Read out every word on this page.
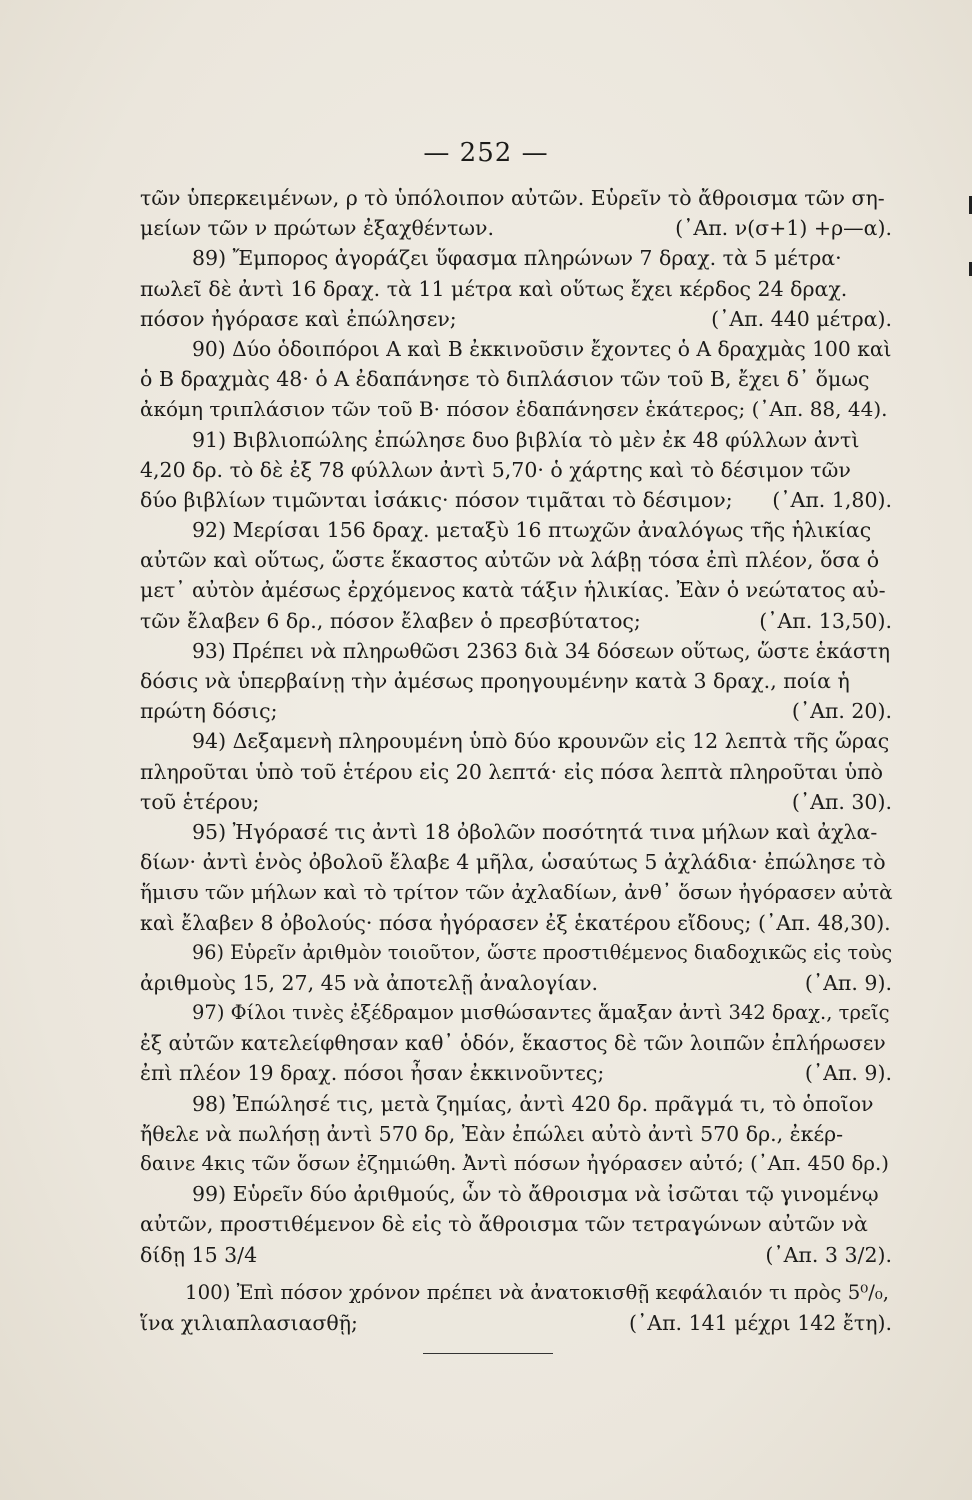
— 252 —
τῶν ὑπερκειμένων, ρ τὸ ὑπόλοιπον αὐτῶν. Εὑρεῖν τὸ ἄθροισμα τῶν ση-
μείων τῶν ν πρώτων ἐξαχθέντων.	(᾿Απ. ν(σ+1) +ρ—α).
89) Ἔμπορος ἀγοράζει ὕφασμα πληρώνων 7 δραχ. τὰ 5 μέτρα·
πωλεῖ δὲ ἀντὶ 16 δραχ. τὰ 11 μέτρα καὶ οὕτως ἔχει κέρδος 24 δραχ.
πόσον ἠγόρασε καὶ ἐπώλησεν;	(᾿Απ. 440 μέτρα).
90) Δύο ὁδοιπόροι Α καὶ Β ἐκκινοῦσιν ἔχοντες ὁ Α δραχμὰς 100 καὶ
ὁ Β δραχμὰς 48· ὁ Α ἐδαπάνησε τὸ διπλάσιον τῶν τοῦ Β, ἔχει δ᾿ ὅμως
ἀκόμη τριπλάσιον τῶν τοῦ Β· πόσον ἐδαπάνησεν ἑκάτερος; (᾿Απ. 88, 44).
91) Βιβλιοπώλης ἐπώλησε δυο βιβλία τὸ μὲν ἐκ 48 φύλλων ἀντὶ
4,20 δρ. τὸ δὲ ἐξ 78 φύλλων ἀντὶ 5,70· ὁ χάρτης καὶ τὸ δέσιμον τῶν
δύο βιβλίων τιμῶνται ἰσάκις· πόσον τιμᾶται τὸ δέσιμον; (᾿Απ. 1,80).
92) Μερίσαι 156 δραχ. μεταξὺ 16 πτωχῶν ἀναλόγως τῆς ἡλικίας
αὐτῶν καὶ οὕτως, ὥστε ἕκαστος αὐτῶν νὰ λάβῃ τόσα ἐπὶ πλέον, ὅσα ὁ
μετ᾿ αὐτὸν ἀμέσως ἐρχόμενος κατὰ τάξιν ἡλικίας. Ἐὰν ὁ νεώτατος αὐ-
τῶν ἔλαβεν 6 δρ., πόσον ἔλαβεν ὁ πρεσβύτατος;	(᾿Απ. 13,50).
93) Πρέπει νὰ πληρωθῶσι 2363 διὰ 34 δόσεων οὕτως, ὥστε ἑκάστη
δόσις νὰ ὑπερβαίνῃ τὴν ἀμέσως προηγουμένην κατὰ 3 δραχ., ποία ἡ
πρώτη δόσις;	(᾿Απ. 20).
94) Δεξαμενὴ πληρουμένη ὑπὸ δύο κρουνῶν εἰς 12 λεπτὰ τῆς ὥρας
πληροῦται ὑπὸ τοῦ ἑτέρου εἰς 20 λεπτά· εἰς πόσα λεπτὰ πληροῦται ὑπὸ
τοῦ ἑτέρου;	(᾿Απ. 30).
95) Ἠγόρασέ τις ἀντὶ 18 ὀβολῶν ποσότητά τινα μήλων καὶ ἀχλα-
δίων· ἀντὶ ἑνὸς ὀβολοῦ ἔλαβε 4 μῆλα, ὡσαύτως 5 ἀχλάδια· ἐπώλησε τὸ
ἥμισυ τῶν μήλων καὶ τὸ τρίτον τῶν ἀχλαδίων, ἀνθ᾿ ὅσων ἠγόρασεν αὐτὰ
καὶ ἔλαβεν 8 ὀβολούς· πόσα ἠγόρασεν ἐξ ἑκατέρου εἴδους; (᾿Απ. 48,30).
96) Εὑρεῖν ἀριθμὸν τοιοῦτον, ὥστε προστιθέμενος διαδοχικῶς εἰς τοὺς
ἀριθμοὺς 15, 27, 45 νὰ ἀποτελῇ ἀναλογίαν.	(᾿Απ. 9).
97) Φίλοι τινὲς ἐξέδραμον μισθώσαντες ἅμαξαν ἀντὶ 342 δραχ., τρεῖς
ἐξ αὐτῶν κατελείφθησαν καθ᾿ ὁδόν, ἕκαστος δὲ τῶν λοιπῶν ἐπλήρωσεν
ἐπὶ πλέον 19 δραχ. πόσοι ἦσαν ἐκκινοῦντες;	(᾿Απ. 9).
98) Ἐπώλησέ τις, μετὰ ζημίας, ἀντὶ 420 δρ. πρᾶγμά τι, τὸ ὁποῖον
ἤθελε νὰ πωλήσῃ ἀντὶ 570 δρ, Ἐὰν ἐπώλει αὐτὸ ἀντὶ 570 δρ., ἐκέρ-
δαινε 4κις τῶν ὅσων ἐζημιώθη. Ἀντὶ πόσων ἠγόρασεν αὐτό; (᾿Απ. 450 δρ.)
99) Εὑρεῖν δύο ἀριθμούς, ὧν τὸ ἄθροισμα νὰ ἰσῶται τῷ γινομένῳ
αὐτῶν, προστιθέμενον δὲ εἰς τὸ ἄθροισμα τῶν τετραγώνων αὐτῶν νὰ
δίδῃ 15 3/4	(᾿Απ. 3 3/2).
100) Ἐπὶ πόσον χρόνον πρέπει νὰ ἀνατοκισθῇ κεφάλαιόν τι πρὸς 5⁰/₀,
ἵνα χιλιαπλασιασθῇ;	(᾿Απ. 141 μέχρι 142 ἔτη).
